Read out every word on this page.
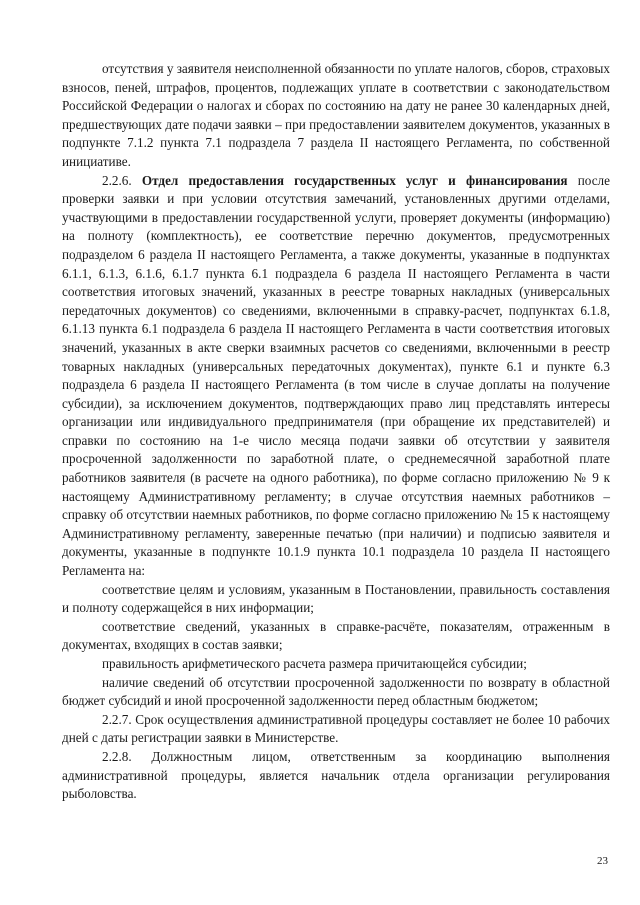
отсутствия у заявителя неисполненной обязанности по уплате налогов, сборов, страховых взносов, пеней, штрафов, процентов, подлежащих уплате в соответствии с законодательством Российской Федерации о налогах и сборах по состоянию на дату не ранее 30 календарных дней, предшествующих дате подачи заявки – при предоставлении заявителем документов, указанных в подпункте 7.1.2 пункта 7.1 подраздела 7 раздела II настоящего Регламента, по собственной инициативе.

2.2.6. Отдел предоставления государственных услуг и финансирования после проверки заявки и при условии отсутствия замечаний, установленных другими отделами, участвующими в предоставлении государственной услуги, проверяет документы (информацию) на полноту (комплектность), ее соответствие перечню документов, предусмотренных подразделом 6 раздела II настоящего Регламента, а также документы, указанные в подпунктах 6.1.1, 6.1.3, 6.1.6, 6.1.7 пункта 6.1 подраздела 6 раздела II настоящего Регламента в части соответствия итоговых значений, указанных в реестре товарных накладных (универсальных передаточных документов) со сведениями, включенными в справку-расчет, подпунктах 6.1.8, 6.1.13 пункта 6.1 подраздела 6 раздела II настоящего Регламента в части соответствия итоговых значений, указанных в акте сверки взаимных расчетов со сведениями, включенными в реестр товарных накладных (универсальных передаточных документах), пункте 6.1 и пункте 6.3 подраздела 6 раздела II настоящего Регламента (в том числе в случае доплаты на получение субсидии), за исключением документов, подтверждающих право лиц представлять интересы организации или индивидуального предпринимателя (при обращение их представителей) и справки по состоянию на 1-е число месяца подачи заявки об отсутствии у заявителя просроченной задолженности по заработной плате, о среднемесячной заработной плате работников заявителя (в расчете на одного работника), по форме согласно приложению № 9 к настоящему Административному регламенту; в случае отсутствия наемных работников – справку об отсутствии наемных работников, по форме согласно приложению № 15 к настоящему Административному регламенту, заверенные печатью (при наличии) и подписью заявителя и документы, указанные в подпункте 10.1.9 пункта 10.1 подраздела 10 раздела II настоящего Регламента на:

соответствие целям и условиям, указанным в Постановлении, правильность составления и полноту содержащейся в них информации;

соответствие сведений, указанных в справке-расчёте, показателям, отраженным в документах, входящих в состав заявки;

правильность арифметического расчета размера причитающейся субсидии;

наличие сведений об отсутствии просроченной задолженности по возврату в областной бюджет субсидий и иной просроченной задолженности перед областным бюджетом;

2.2.7. Срок осуществления административной процедуры составляет не более 10 рабочих дней с даты регистрации заявки в Министерстве.

2.2.8. Должностным лицом, ответственным за координацию выполнения административной процедуры, является начальник отдела организации регулирования рыболовства.

23
